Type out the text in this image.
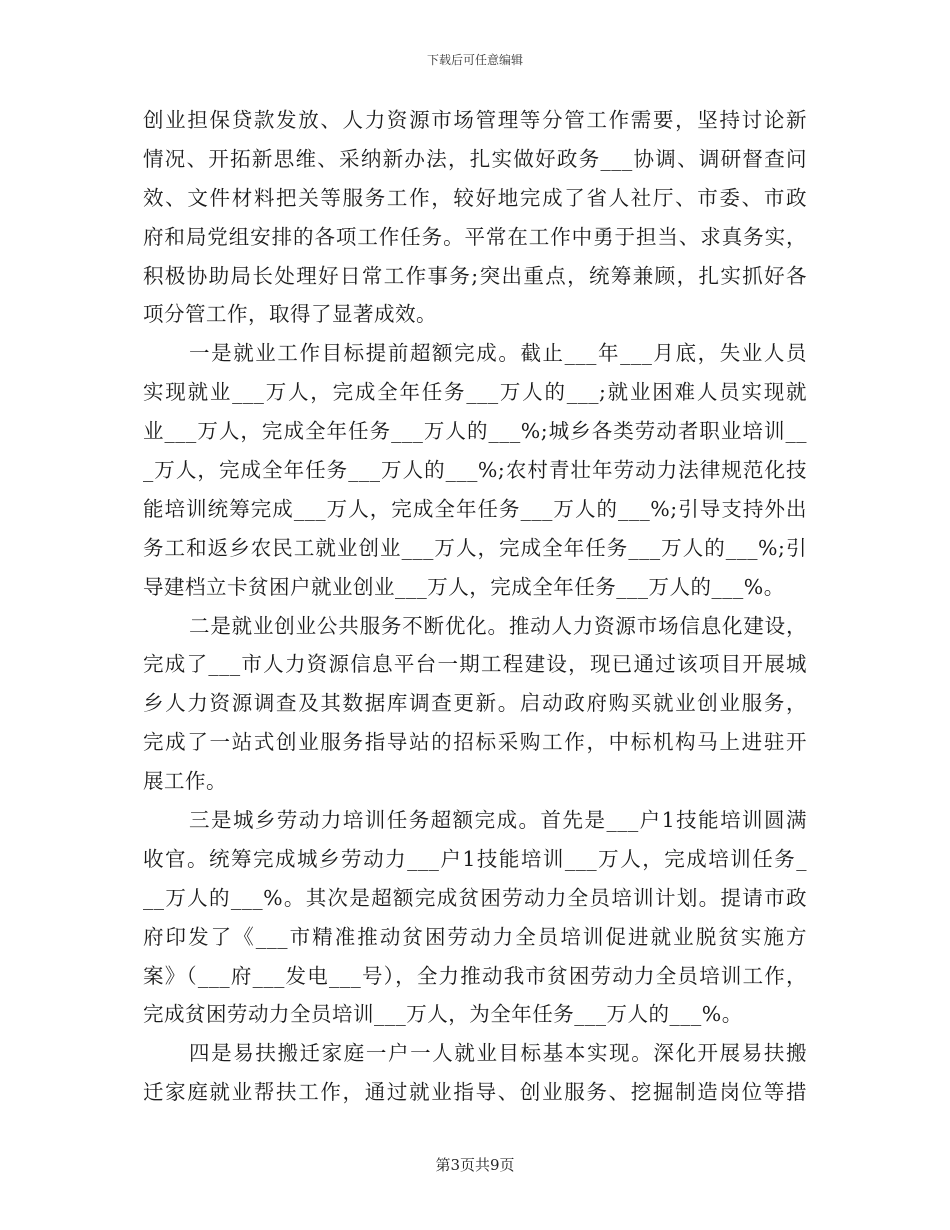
下载后可任意编辑
创业担保贷款发放、人力资源市场管理等分管工作需要，坚持讨论新
情况、开拓新思维、采纳新办法，扎实做好政务___协调、调研督查问
效、文件材料把关等服务工作，较好地完成了省人社厅、市委、市政
府和局党组安排的各项工作任务。平常在工作中勇于担当、求真务实，
积极协助局长处理好日常工作事务;突出重点，统筹兼顾，扎实抓好各
项分管工作，取得了显著成效。
一是就业工作目标提前超额完成。截止___年___月底，失业人员
实现就业___万人，完成全年任务___万人的___;就业困难人员实现就
业___万人，完成全年任务___万人的___%;城乡各类劳动者职业培训__
_万人，完成全年任务___万人的___%;农村青壮年劳动力法律规范化技
能培训统筹完成___万人，完成全年任务___万人的___%;引导支持外出
务工和返乡农民工就业创业___万人，完成全年任务___万人的___%;引
导建档立卡贫困户就业创业___万人，完成全年任务___万人的___%。
二是就业创业公共服务不断优化。推动人力资源市场信息化建设，
完成了___市人力资源信息平台一期工程建设，现已通过该项目开展城
乡人力资源调查及其数据库调查更新。启动政府购买就业创业服务，
完成了一站式创业服务指导站的招标采购工作，中标机构马上进驻开
展工作。
三是城乡劳动力培训任务超额完成。首先是___户1技能培训圆满
收官。统筹完成城乡劳动力___户1技能培训___万人，完成培训任务_
__万人的___%。其次是超额完成贫困劳动力全员培训计划。提请市政
府印发了《___市精准推动贫困劳动力全员培训促进就业脱贫实施方
案》（___府___发电___号），全力推动我市贫困劳动力全员培训工作，
完成贫困劳动力全员培训___万人，为全年任务___万人的___%。
四是易扶搬迁家庭一户一人就业目标基本实现。深化开展易扶搬
迁家庭就业帮扶工作，通过就业指导、创业服务、挖掘制造岗位等措
第3页共9页
